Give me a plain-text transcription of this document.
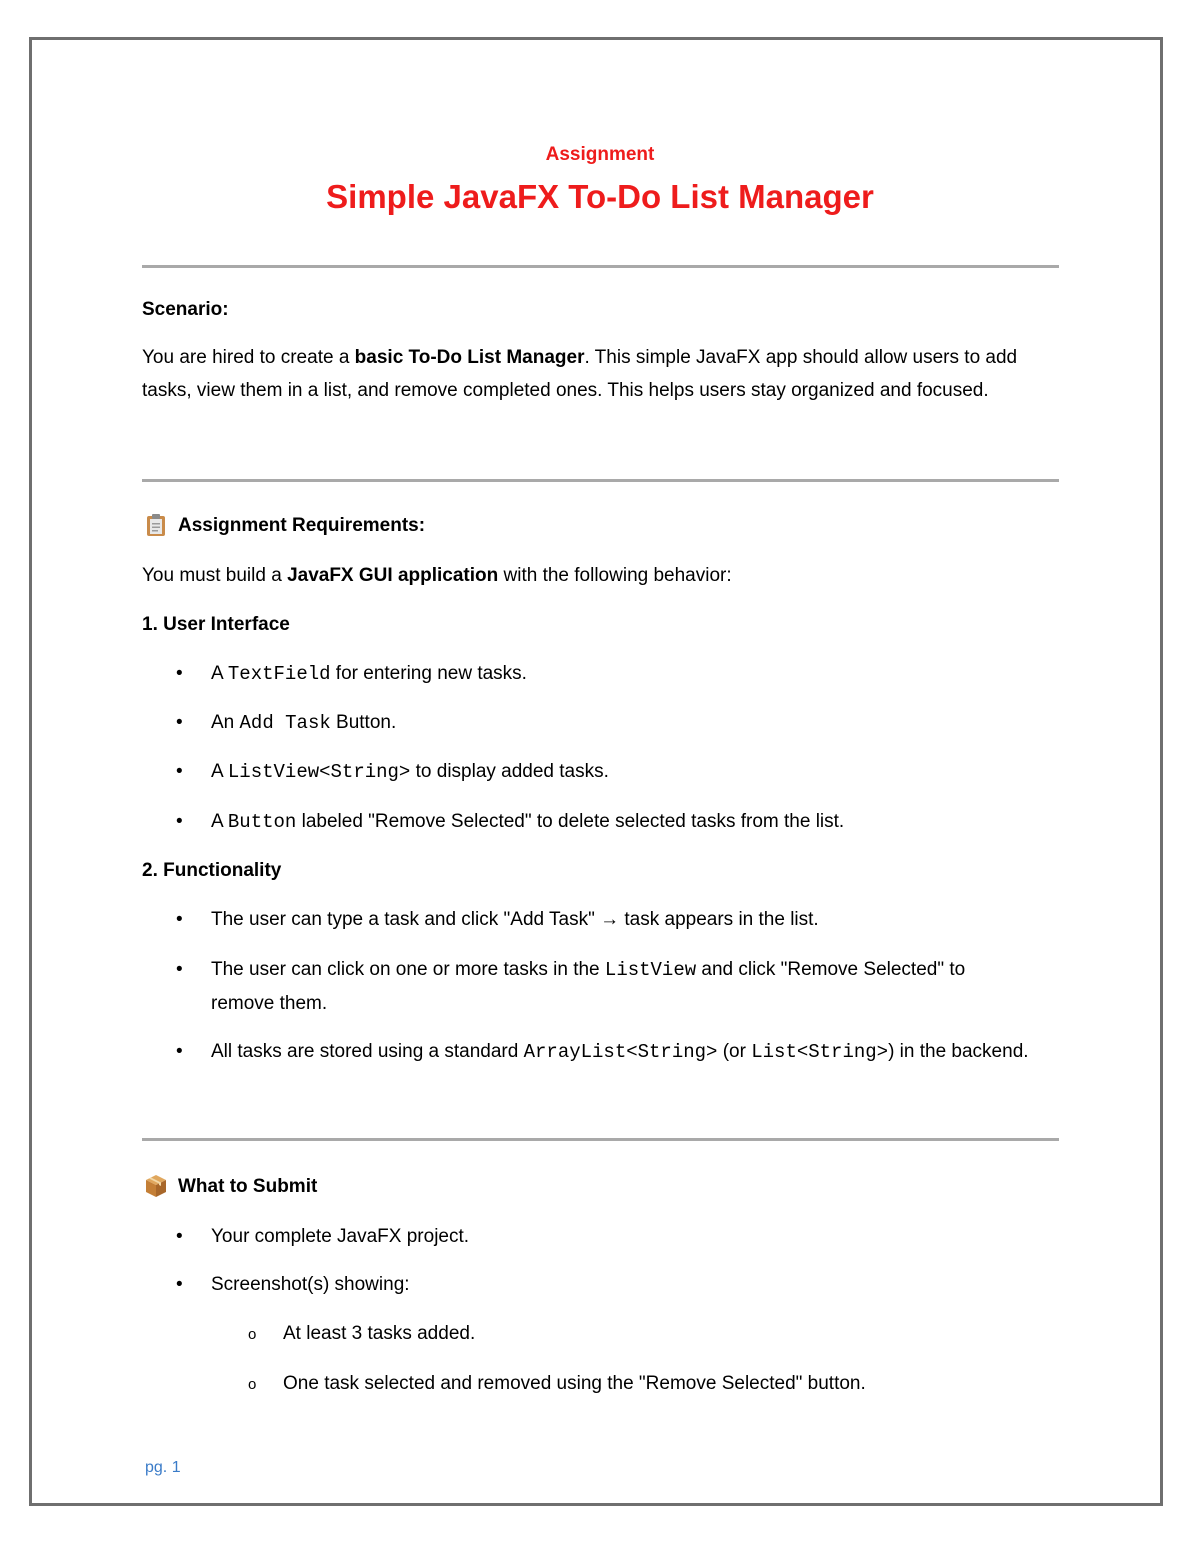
Assignment
Simple JavaFX To-Do List Manager
Scenario:
You are hired to create a basic To-Do List Manager. This simple JavaFX app should allow users to add tasks, view them in a list, and remove completed ones. This helps users stay organized and focused.
Assignment Requirements:
You must build a JavaFX GUI application with the following behavior:
1. User Interface
• A TextField for entering new tasks.
• An Add Task Button.
• A ListView<String> to display added tasks.
• A Button labeled "Remove Selected" to delete selected tasks from the list.
2. Functionality
• The user can type a task and click "Add Task" → task appears in the list.
• The user can click on one or more tasks in the ListView and click "Remove Selected" to remove them.
• All tasks are stored using a standard ArrayList<String> (or List<String>) in the backend.
What to Submit
• Your complete JavaFX project.
• Screenshot(s) showing:
o At least 3 tasks added.
o One task selected and removed using the "Remove Selected" button.
pg. 1
